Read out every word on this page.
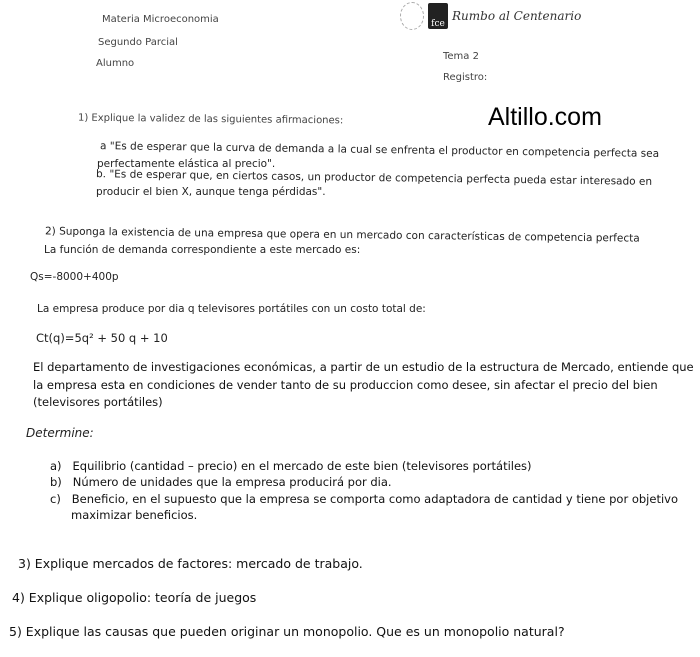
Materia Microeconomia
Segundo Parcial
Alumno
fce
Rumbo al Centenario
Tema 2
Registro:
Altillo.com
1) Explique la validez de las siguientes afirmaciones:
a "Es de esperar que la curva de demanda a la cual se enfrenta el productor en competencia perfecta sea
perfectamente elástica al precio".
b. "Es de esperar que, en ciertos casos, un productor de competencia perfecta pueda estar interesado en
producir el bien X, aunque tenga pérdidas".
2) Suponga la existencia de una empresa que opera en un mercado con características de competencia perfecta
La función de demanda correspondiente a este mercado es:
Qs=-8000+400p
La empresa produce por dia q televisores portátiles con un costo total de:
Ct(q)=5q² + 50 q + 10
El departamento de investigaciones económicas, a partir de un estudio de la estructura de Mercado, entiende que
la empresa esta en condiciones de vender tanto de su produccion como desee, sin afectar el precio del bien
(televisores portátiles)
Determine:
a) Equilibrio (cantidad – precio) en el mercado de este bien (televisores portátiles)
b) Número de unidades que la empresa producirá por dia.
c) Beneficio, en el supuesto que la empresa se comporta como adaptadora de cantidad y tiene por objetivo
maximizar beneficios.
3) Explique mercados de factores: mercado de trabajo.
4) Explique oligopolio: teoría de juegos
5) Explique las causas que pueden originar un monopolio. Que es un monopolio natural?
